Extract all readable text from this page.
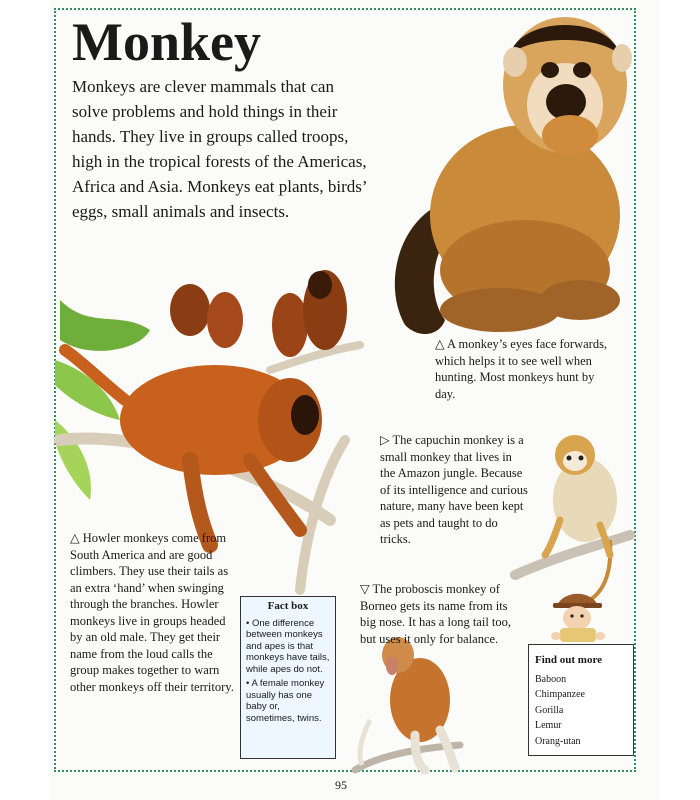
Monkey
Monkeys are clever mammals that can solve problems and hold things in their hands. They live in groups called troops, high in the tropical forests of the Americas, Africa and Asia. Monkeys eat plants, birds’ eggs, small animals and insects.
△ A monkey’s eyes face forwards, which helps it to see well when hunting. Most monkeys hunt by day.
▷ The capuchin monkey is a small monkey that lives in the Amazon jungle. Because of its intelligence and curious nature, many have been kept as pets and taught to do tricks.
△ Howler monkeys come from South America and are good climbers. They use their tails as an extra ‘hand’ when swinging through the branches. Howler monkeys live in groups headed by an old male. They get their name from the loud calls the group makes together to warn other monkeys off their territory.
▽ The proboscis monkey of Borneo gets its name from its big nose. It has a long tail too, but uses it only for balance.
Fact box
• One difference between monkeys and apes is that monkeys have tails, while apes do not.
• A female monkey usually has one baby or, sometimes, twins.
Find out more
Baboon
Chimpanzee
Gorilla
Lemur
Orang-utan
95
